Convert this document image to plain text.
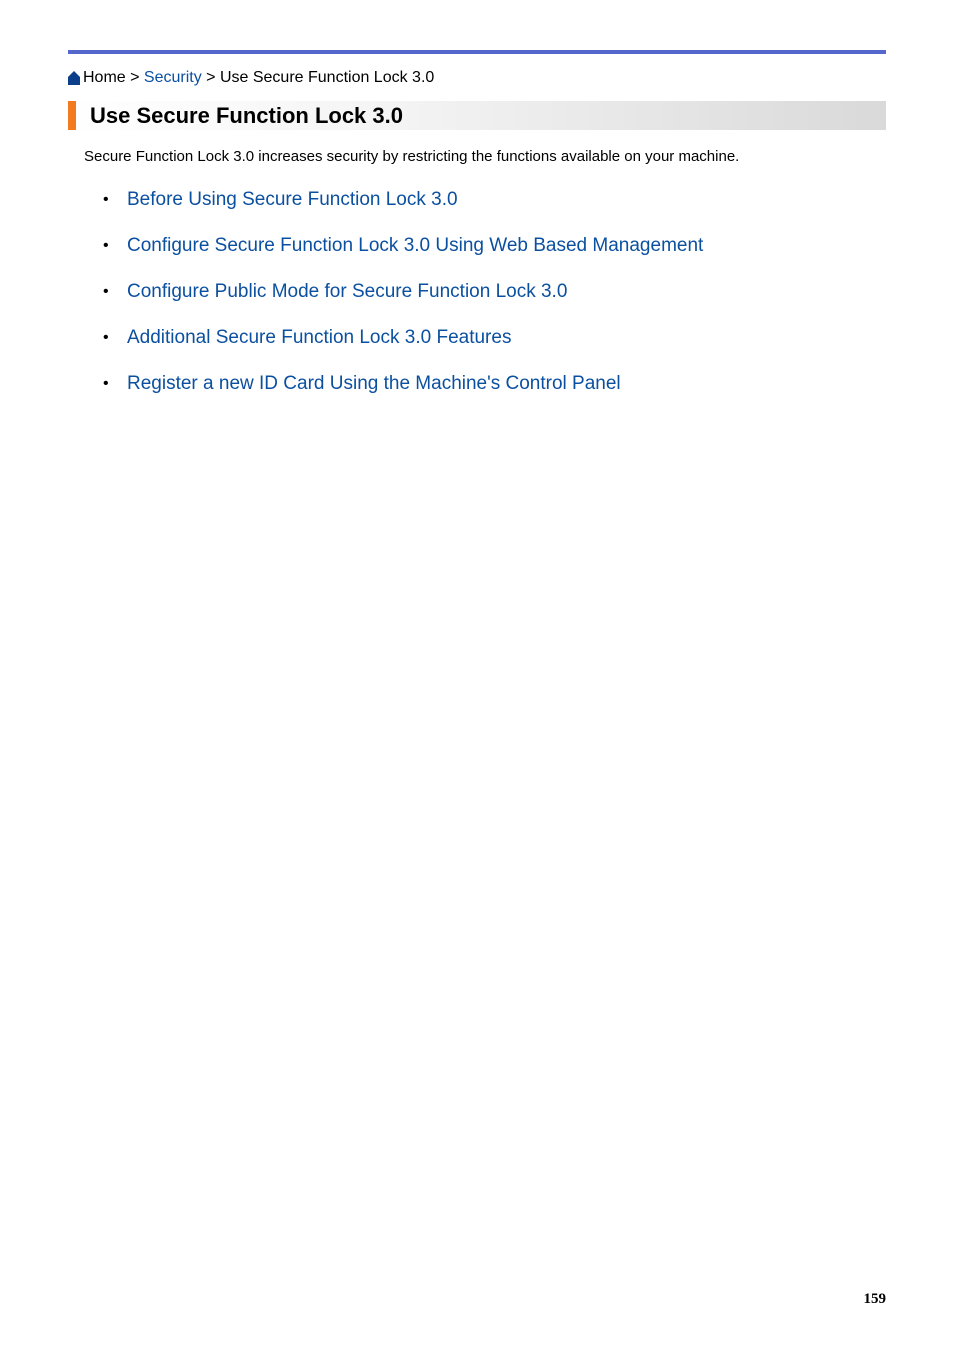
Home > Security > Use Secure Function Lock 3.0
Use Secure Function Lock 3.0

Secure Function Lock 3.0 increases security by restricting the functions available on your machine.

• Before Using Secure Function Lock 3.0
• Configure Secure Function Lock 3.0 Using Web Based Management
• Configure Public Mode for Secure Function Lock 3.0
• Additional Secure Function Lock 3.0 Features
• Register a new ID Card Using the Machine's Control Panel
159
